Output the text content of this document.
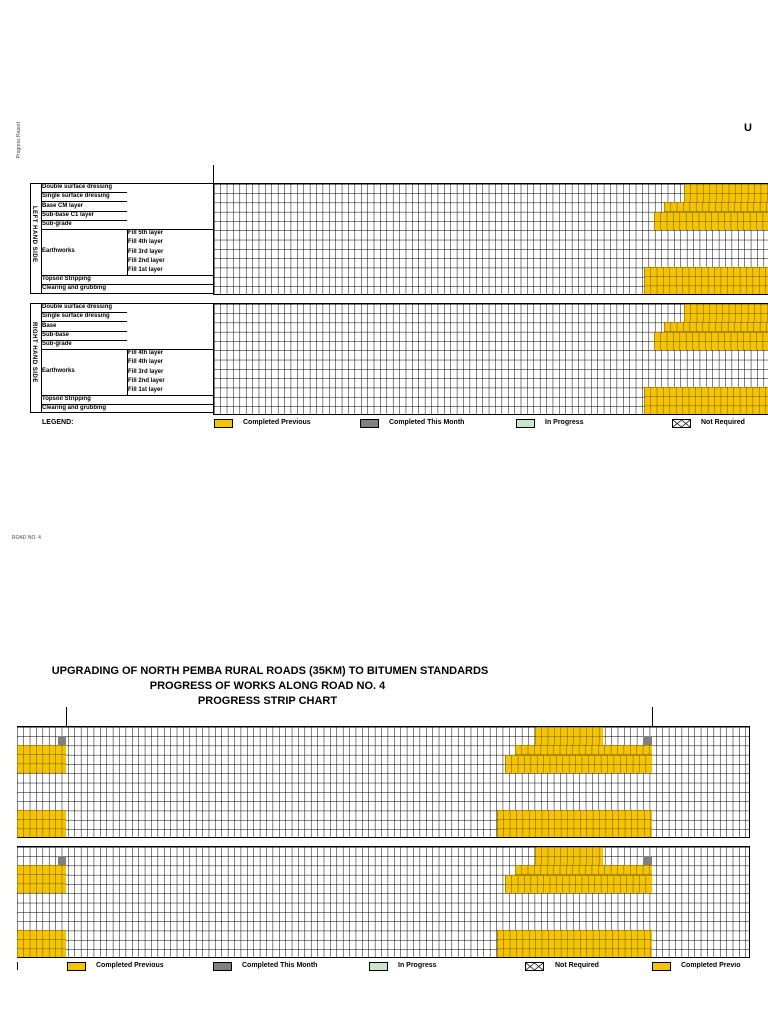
Progress Report	U
LEFT HAND SIDE
Double surface dressing
Single surface dressing
Base CM layer
Sub-base C1 layer
Sub-grade
Earthworks
Fill 5th layer
Fill 4th layer
Fill 3rd layer
Fill 2nd layer
Fill 1st layer
Topsoil Stripping
Clearing and grubbing
RIGHT HAND SIDE
Double surface dressing
Single surface dressing
Base
Sub-base
Sub-grade
Earthworks
Fill 4th layer
Fill 4th layer
Fill 3rd layer
Fill 2nd layer
Fill 1st layer
Topsoil Stripping
Clearing and grubbing
LEGEND:	Completed Previous	Completed This Month	In Progress	Not Required
ROAD NO. 4
UPGRADING OF NORTH PEMBA RURAL ROADS (35KM) TO BITUMEN STANDARDS
PROGRESS OF WORKS ALONG ROAD NO. 4
PROGRESS STRIP CHART
Completed Previous	Completed This Month	In Progress	Not Required	Completed Previo
